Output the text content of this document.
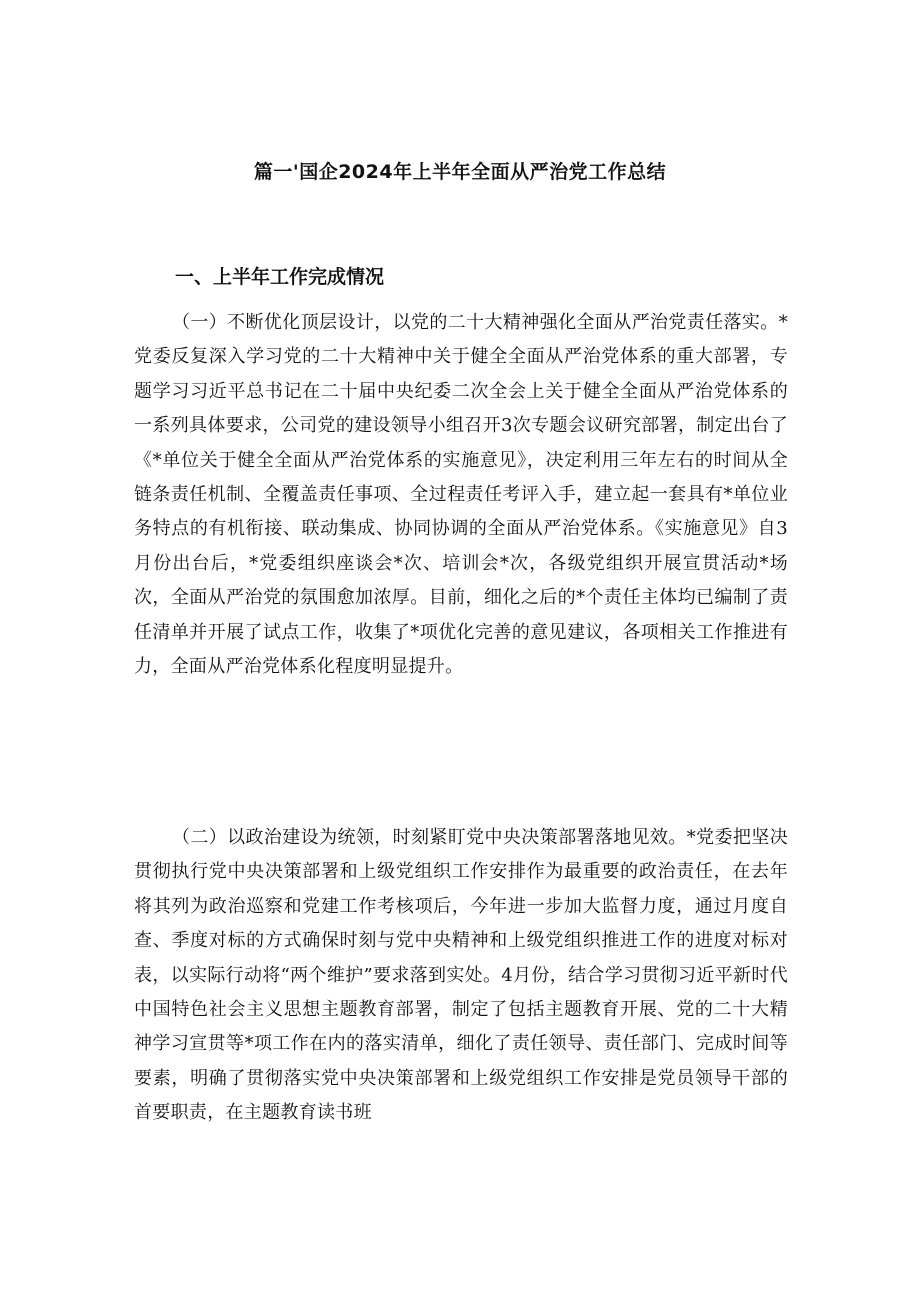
篇一'国企2024年上半年全面从严治党工作总结
一、上半年工作完成情况

（一）不断优化顶层设计，以党的二十大精神强化全面从严治党责任落实。*党委反复深入学习党的二十大精神中关于健全全面从严治党体系的重大部署，专题学习习近平总书记在二十届中央纪委二次全会上关于健全全面从严治党体系的一系列具体要求，公司党的建设领导小组召开3次专题会议研究部署，制定出台了《*单位关于健全全面从严治党体系的实施意见》，决定利用三年左右的时间从全链条责任机制、全覆盖责任事项、全过程责任考评入手，建立起一套具有*单位业务特点的有机衔接、联动集成、协同协调的全面从严治党体系。《实施意见》自3月份出台后，*党委组织座谈会*次、培训会*次，各级党组织开展宣贯活动*场次，全面从严治党的氛围愈加浓厚。目前，细化之后的*个责任主体均已编制了责任清单并开展了试点工作，收集了*项优化完善的意见建议，各项相关工作推进有力，全面从严治党体系化程度明显提升。

（二）以政治建设为统领，时刻紧盯党中央决策部署落地见效。*党委把坚决贯彻执行党中央决策部署和上级党组织工作安排作为最重要的政治责任，在去年将其列为政治巡察和党建工作考核项后，今年进一步加大监督力度，通过月度自查、季度对标的方式确保时刻与党中央精神和上级党组织推进工作的进度对标对表，以实际行动将“两个维护”要求落到实处。4月份，结合学习贯彻习近平新时代中国特色社会主义思想主题教育部署，制定了包括主题教育开展、党的二十大精神学习宣贯等*项工作在内的落实清单，细化了责任领导、责任部门、完成时间等要素，明确了贯彻落实党中央决策部署和上级党组织工作安排是党员领导干部的首要职责，在主题教育读书班
